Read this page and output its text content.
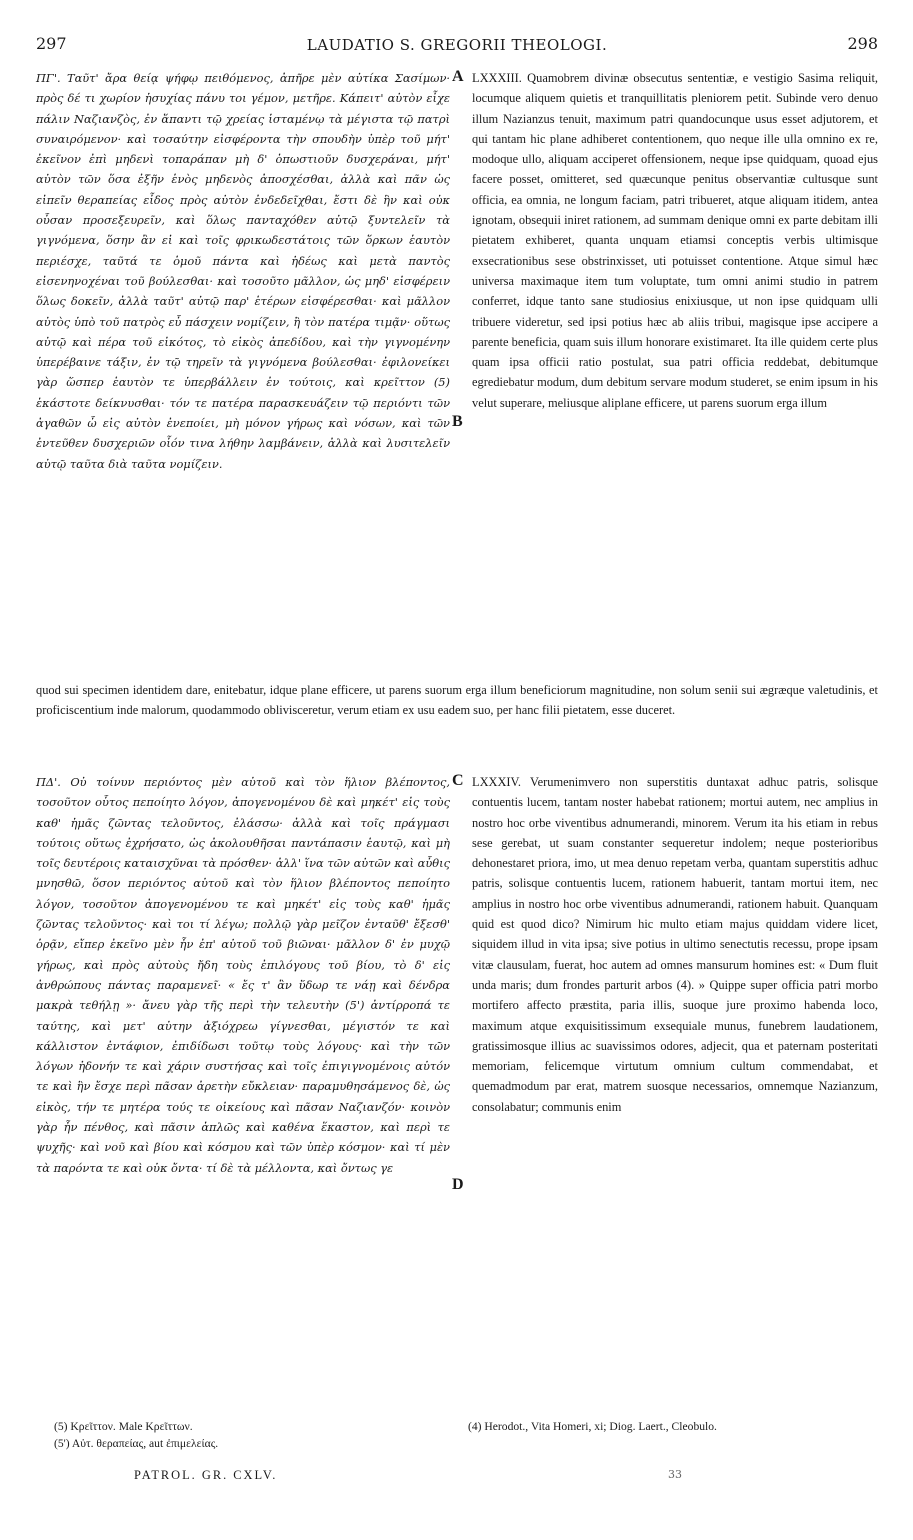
297	LAUDATIO S. GREGORII THEOLOGI.	298
ΠΓ'. Ταῦτ' ἄρα θείᾳ ψήφῳ πειθόμενος, ἀπῆρε μὲν αὐτίκα Σασίμων· πρὸς δέ τι χωρίον ἡσυχίας πάνυ τοι γέμον, μετῆρε. Κάπειτ' αὐτὸν εἶχε πάλιν Ναζιανζὸς, ἐν ἅπαντι τῷ χρείας ἱσταμένῳ τὰ μέγιστα τῷ πατρὶ συναιρόμενον· καὶ τοσαύτην εἰσφέροντα τὴν σπουδὴν ὑπὲρ τοῦ μήτ' ἐκεῖνον ἐπὶ μηδενὶ τοπαράπαν μὴ δ' ὁπωστιοῦν δυσχεράναι, μήτ' αὐτὸν τῶν ὅσα ἐξῆν ἑνὸς μηδενὸς ἀποσχέσθαι, ἀλλὰ καὶ πᾶν ὡς εἰπεῖν θεραπείας εἶδος πρὸς αὐτὸν ἐνδεδεῖχθαι, ἔστι δὲ ἣν καὶ οὐκ οὖσαν προσεξευρεῖν, καὶ ὅλως πανταχόθεν αὐτῷ ξυντελεῖν τὰ γιγνόμενα, ὅσην ἂν εἰ καὶ τοῖς φρικωδεστάτοις τῶν ὅρκων ἑαυτὸν περιέσχε, ταῦτά τε ὁμοῦ πάντα καὶ ἡδέως καὶ μετὰ παντὸς εἰσενηνοχέναι τοῦ βούλεσθαι· καὶ τοσοῦτο μᾶλλον, ὡς μηδ' εἰσφέρειν ὅλως δοκεῖν, ἀλλὰ ταῦτ' αὐτῷ παρ' ἑτέρων εἰσφέρεσθαι· καὶ μᾶλλον αὐτὸς ὑπὸ τοῦ πατρὸς εὖ πάσχειν νομίζειν, ἢ τὸν πατέρα τιμᾷν· οὕτως αὐτῷ καὶ πέρα τοῦ εἰκότος, τὸ εἰκὸς ἀπεδίδου, καὶ τὴν γιγνομένην ὑπερέβαινε τάξιν, ἐν τῷ τηρεῖν τὰ γιγνόμενα βούλεσθαι· ἐφιλονείκει γὰρ ὥσπερ ἑαυτὸν τε ὑπερβάλλειν ἐν τούτοις, καὶ κρεῖττον (5) ἑκάστοτε δείκνυσθαι· τόν τε πατέρα παρασκευάζειν τῷ περιόντι τῶν ἀγαθῶν ὧ εἰς αὐτὸν ἐνεποίει, μὴ μόνον γήρως καὶ νόσων, καὶ τῶν ἐντεῦθεν δυσχεριῶν οἷόν τινα λήθην λαμβάνειν, ἀλλὰ καὶ λυσιτελεῖν αὐτῷ ταῦτα διὰ ταῦτα νομίζειν.
A LXXXIII. Quamobrem divinæ obsecutus sententiæ, e vestigio Sasima reliquit, locumque aliquem quietis et tranquillitatis pleniorem petit. Subinde vero denuo illum Nazianzus tenuit, maximum patri quandocunque usus esset adjutorem, et qui tantam hic plane adhiberet contentionem, quo neque ille ulla omnino ex re, modoque ullo, aliquam acciperet offensionem, neque ipse quidquam, quoad ejus facere posset, omitteret, sed quæcunque penitus observantiæ cultusque sunt officia, ea omnia, ne longum faciam, patri tribueret, atque aliquam itidem, antea ignotam, obsequii iniret rationem, ad summam denique omni ex parte debitam illi pietatem exhiberet, quanta unquam etiamsi conceptis verbis ultimisque exsecrationibus sese obstrinxisset, uti potuisset contentione. Atque simul hæc universa maximaque item tum voluptate, tum omni animi studio in patrem conferret, idque tanto sane studiosius enixiusque, ut non ipse quidquam ulli tribuere videretur, sed ipsi potius hæc ab aliis tribui, magisque ipse accipere a parente beneficia, quam suis illum honorare existimaret. Ita ille quidem certe plus quam ipsa officii ratio postulat, sua patri officia reddebat, debitumque egrediebatur modum, dum debitum servare modum studeret, se enim ipsum in his velut superare, meliusque aliplane efficere, ut parens suorum erga illum
B
quod sui specimen identidem dare, enitebatur, idque plane efficere, ut parens suorum erga illum beneficiorum magnitudine, non solum senii sui ægræque valetudinis, et proficiscentium inde malorum, quodammodo oblivisceretur, verum etiam ex usu eadem suo, per hanc filii pietatem, esse duceret.
ΠΔ'. Οὐ τοίνυν περιόντος μὲν αὐτοῦ καὶ τὸν ἥλιον βλέποντος, τοσοῦτον οὗτος πεποίητο λόγον, ἀπογενομένου δὲ καὶ μηκέτ' εἰς τοὺς καθ' ἡμᾶς ζῶντας τελοῦντος, ἐλάσσω· ἀλλὰ καὶ τοῖς πράγμασι τούτοις οὕτως ἐχρήσατο, ὡς ἀκολουθῆσαι παντάπασιν ἑαυτῷ, καὶ μὴ τοῖς δευτέροις καταισχῦναι τὰ πρόσθεν· ἀλλ' ἵνα τῶν αὐτῶν καὶ αὖθις μνησθῶ, ὅσον περιόντος αὐτοῦ καὶ τὸν ἥλιον βλέποντος πεποίητο λόγον, τοσοῦτον ἀπογενομένου τε καὶ μηκέτ' εἰς τοὺς καθ' ἡμᾶς ζῶντας τελοῦντος· καὶ τοι τί λέγω; πολλῷ γὰρ μεῖζον ἐνταῦθ' ἔξεσθ' ὁρᾷν, εἴπερ ἐκεῖνο μὲν ἦν ἐπ' αὐτοῦ τοῦ βιῶναι· μᾶλλον δ' ἐν μυχῷ γήρως, καὶ πρὸς αὐτοὺς ἤδη τοὺς ἐπιλόγους τοῦ βίου, τὸ δ' εἰς ἀνθρώπους πάντας παραμενεῖ· « ἔς τ' ἂν ὕδωρ τε νάῃ καὶ δένδρα μακρὰ τεθήλῃ »· ἄνευ γὰρ τῆς περὶ τὴν τελευτὴν (5') ἀντίρροπά τε ταύτης, καὶ μετ' αὐτην ἀξιόχρεω γίγνεσθαι, μέγιστόν τε καὶ κάλλιστον ἐντάφιον, ἐπιδίδωσι τοῦτῳ τοὺς λόγους· καὶ τὴν τῶν λόγων ἡδονήν τε καὶ χάριν συστήσας καὶ τοῖς ἐπιγιγνομένοις αὐτόν τε καὶ ἣν ἔσχε περὶ πᾶσαν ἀρετὴν εὔκλειαν· παραμυθησάμενος δὲ, ὡς εἰκὸς, τήν τε μητέρα τούς τε οἰκείους καὶ πᾶσαν Ναζιανζόν· κοινὸν γὰρ ἦν πένθος, καὶ πᾶσιν ἁπλῶς καὶ καθένα ἕκαστον, καὶ περὶ τε ψυχῆς· καὶ νοῦ καὶ βίου καὶ κόσμου καὶ τῶν ὑπὲρ κόσμον· καὶ τί μὲν τὰ παρόντα τε καὶ οὐκ ὄντα· τί δὲ τὰ μέλλοντα, καὶ ὄντως γε
C LXXXIV. Verumenimvero non superstitis duntaxat adhuc patris, solisque contuentis lucem, tantam noster habebat rationem; mortui autem, nec amplius in nostro hoc orbe viventibus adnumerandi, minorem. Verum ita his etiam in rebus sese gerebat, ut suam constanter sequeretur indolem; neque posterioribus dehonestaret priora, imo, ut mea denuo repetam verba, quantam superstitis adhuc patris, solisque contuentis lucem, rationem habuerit, tantam mortui item, nec amplius in nostro hoc orbe viventibus adnumerandi, rationem habuit. Quanquam quid est quod dico? Nimirum hic multo etiam majus quiddam videre licet, siquidem illud in vita ipsa; sive potius in ultimo senectutis recessu, prope ipsam vitæ clausulam, fuerat, hoc autem ad omnes mansurum homines est: « Dum fluit unda maris; dum frondes parturit arbos (4). » Quippe super officia patri morbo mortifero affecto præstita, paria illis, suoque jure proximo habenda loco, maximum atque exquisitissimum exsequiale munus, funebrem laudationem, gratissimosque illius ac suavissimos odores, adjecit, qua et paternam posteritati memoriam, felicemque virtutum omnium cultum commendabat, et quemadmodum par erat, matrem suosque necessarios, omnemque Nazianzum, consolabatur; communis enim
D
(5) Κρεῖττον. Male Κρεῖττων.
(5') Αὐτ. θεραπείας, aut ἐπιμελείας.
(4) Herodot., Vita Homeri, xi; Diog. Laert., Cleobulo.
PATROL. GR. CXLV.	33
